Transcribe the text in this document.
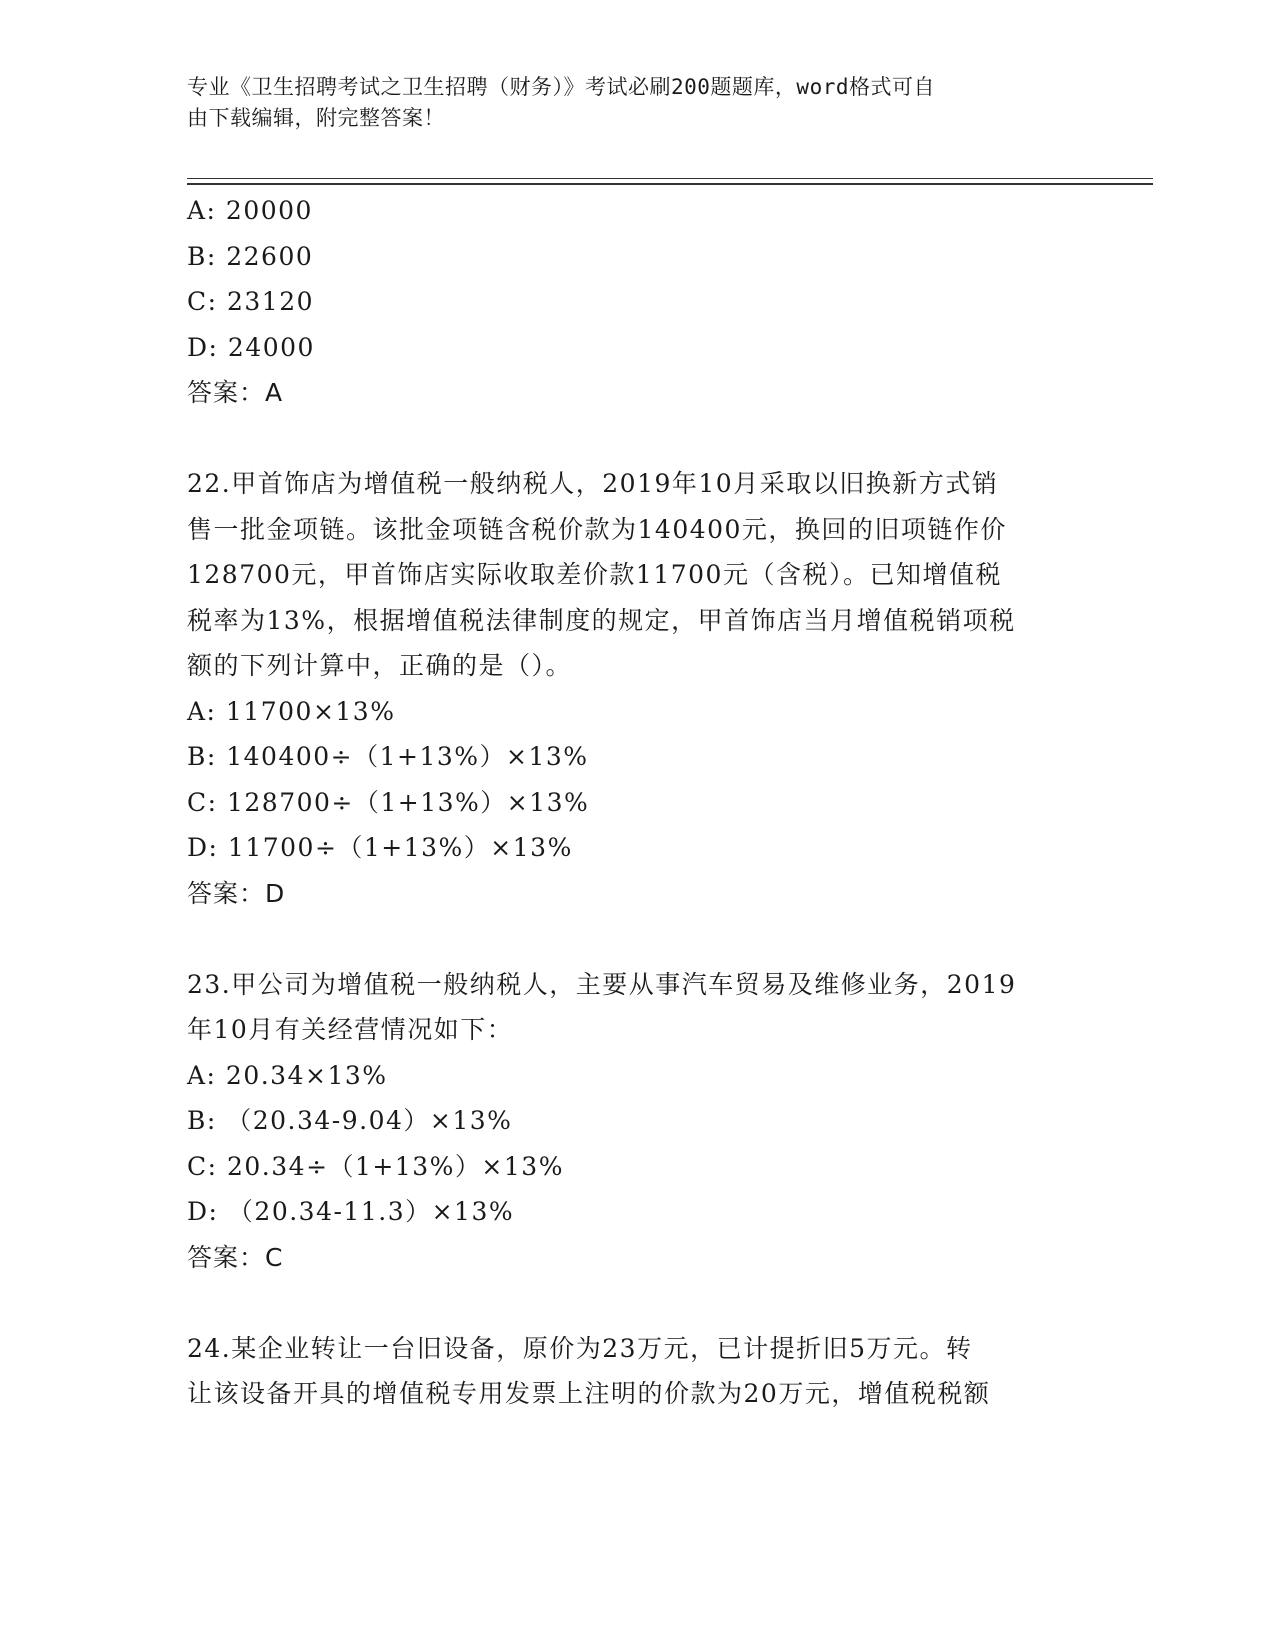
专业《卫生招聘考试之卫生招聘（财务）》考试必刷200题题库，word格式可自
由下载编辑，附完整答案！
A: 20000
B: 22600
C: 23120
D: 24000
答案：A
22.甲首饰店为增值税一般纳税人，2019年10月采取以旧换新方式销
售一批金项链。该批金项链含税价款为140400元，换回的旧项链作价
128700元，甲首饰店实际收取差价款11700元（含税）。已知增值税
税率为13%，根据增值税法律制度的规定，甲首饰店当月增值税销项税
额的下列计算中，正确的是（）。
A: 11700×13%
B: 140400÷（1+13%）×13%
C: 128700÷（1+13%）×13%
D: 11700÷（1+13%）×13%
答案：D
23.甲公司为增值税一般纳税人，主要从事汽车贸易及维修业务，2019
年10月有关经营情况如下：
A: 20.34×13%
B: （20.34-9.04）×13%
C: 20.34÷（1+13%）×13%
D: （20.34-11.3）×13%
答案：C
24.某企业转让一台旧设备，原价为23万元，已计提折旧5万元。转
让该设备开具的增值税专用发票上注明的价款为20万元，增值税税额
